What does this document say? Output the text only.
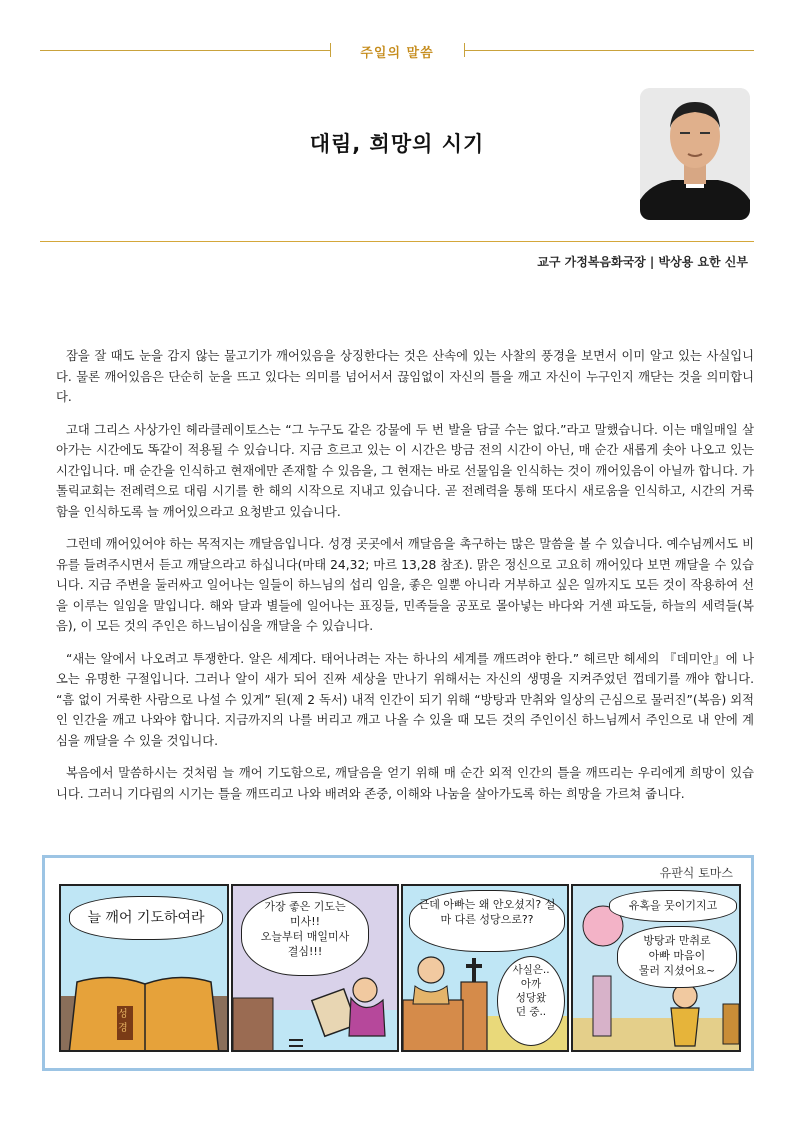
주일의 말씀
대림, 희망의 시기
교구 가정복음화국장 | 박상용 요한 신부

잠을 잘 때도 눈을 감지 않는 물고기가 깨어있음을 상징한다는 것은 산속에 있는 사찰의 풍경을 보면서 이미 알고 있는 사실입니다. 물론 깨어있음은 단순히 눈을 뜨고 있다는 의미를 넘어서서 끊임없이 자신의 틀을 깨고 자신이 누구인지 깨닫는 것을 의미합니다.

고대 그리스 사상가인 헤라클레이토스는 “그 누구도 같은 강물에 두 번 발을 담글 수는 없다.”라고 말했습니다. 이는 매일매일 살아가는 시간에도 똑같이 적용될 수 있습니다. 지금 흐르고 있는 이 시간은 방금 전의 시간이 아닌, 매 순간 새롭게 솟아 나오고 있는 시간입니다. 매 순간을 인식하고 현재에만 존재할 수 있음을, 그 현재는 바로 선물임을 인식하는 것이 깨어있음이 아닐까 합니다. 가톨릭교회는 전례력으로 대림 시기를 한 해의 시작으로 지내고 있습니다. 곧 전례력을 통해 또다시 새로움을 인식하고, 시간의 거룩함을 인식하도록 늘 깨어있으라고 요청받고 있습니다.

그런데 깨어있어야 하는 목적지는 깨달음입니다. 성경 곳곳에서 깨달음을 촉구하는 많은 말씀을 볼 수 있습니다. 예수님께서도 비유를 들려주시면서 듣고 깨달으라고 하십니다(마태 24,32; 마르 13,28 참조). 맑은 정신으로 고요히 깨어있다 보면 깨달을 수 있습니다. 지금 주변을 둘러싸고 일어나는 일들이 하느님의 섭리 임을, 좋은 일뿐 아니라 거부하고 싶은 일까지도 모든 것이 작용하여 선을 이루는 일임을 말입니다. 해와 달과 별들에 일어나는 표징들, 민족들을 공포로 몰아넣는 바다와 거센 파도들, 하늘의 세력들(복음), 이 모든 것의 주인은 하느님이심을 깨달을 수 있습니다.

“새는 알에서 나오려고 투쟁한다. 알은 세계다. 태어나려는 자는 하나의 세계를 깨뜨려야 한다.” 헤르만 헤세의 『데미안』에 나오는 유명한 구절입니다. 그러나 알이 새가 되어 진짜 세상을 만나기 위해서는 자신의 생명을 지켜주었던 껍데기를 깨야 합니다. “흠 없이 거룩한 사람으로 나설 수 있게” 된(제 2 독서) 내적 인간이 되기 위해 “방탕과 만취와 일상의 근심으로 물러진”(복음) 외적인 인간을 깨고 나와야 합니다. 지금까지의 나를 버리고 깨고 나올 수 있을 때 모든 것의 주인이신 하느님께서 주인으로 내 안에 계심을 깨달을 수 있을 것입니다.

복음에서 말씀하시는 것처럼 늘 깨어 기도함으로, 깨달음을 얻기 위해 매 순간 외적 인간의 틀을 깨뜨리는 우리에게 희망이 있습니다. 그러니 기다림의 시기는 틀을 깨뜨리고 나와 배려와 존중, 이해와 나눔을 살아가도록 하는 희망을 가르쳐 줍니다.

유판식 토마스
늘 깨어 기도하여라
성경
가장 좋은 기도는
미사!!
오늘부터 매일미사
결심!!!
근데 아빠는 왜 안오셨지? 설마 다른 성당으로??
사실은..
아까
성당왔
던 중..
유혹을 뭇이기지고
방탕과 만취로
아빠 마음이
물러 지셨어요~
